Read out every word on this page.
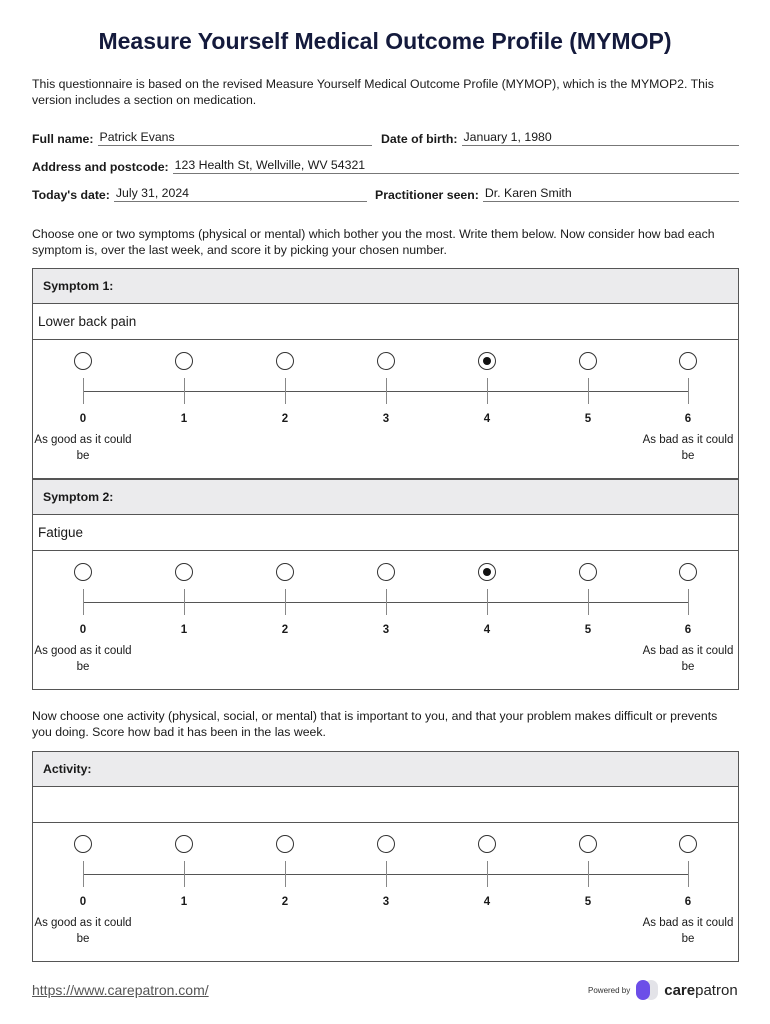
Measure Yourself Medical Outcome Profile (MYMOP)
This questionnaire is based on the revised Measure Yourself Medical Outcome Profile (MYMOP), which is the MYMOP2. This version includes a section on medication.
Full name: Patrick Evans	Date of birth: January 1, 1980
Address and postcode: 123 Health St, Wellville, WV 54321
Today's date: July 31, 2024	Practitioner seen: Dr. Karen Smith
Choose one or two symptoms (physical or mental) which bother you the most. Write them below. Now consider how bad each symptom is, over the last week, and score it by picking your chosen number.
Symptom 1:
Lower back pain
0	1	2	3	4	5	6
As good as it could be
As bad as it could be
Symptom 2:
Fatigue
0	1	2	3	4	5	6
As good as it could be
As bad as it could be
Now choose one activity (physical, social, or mental) that is important to you, and that your problem makes difficult or prevents you doing. Score how bad it has been in the las week.
Activity:
0	1	2	3	4	5	6
As good as it could be
As bad as it could be
https://www.carepatron.com/	Powered by carepatron
